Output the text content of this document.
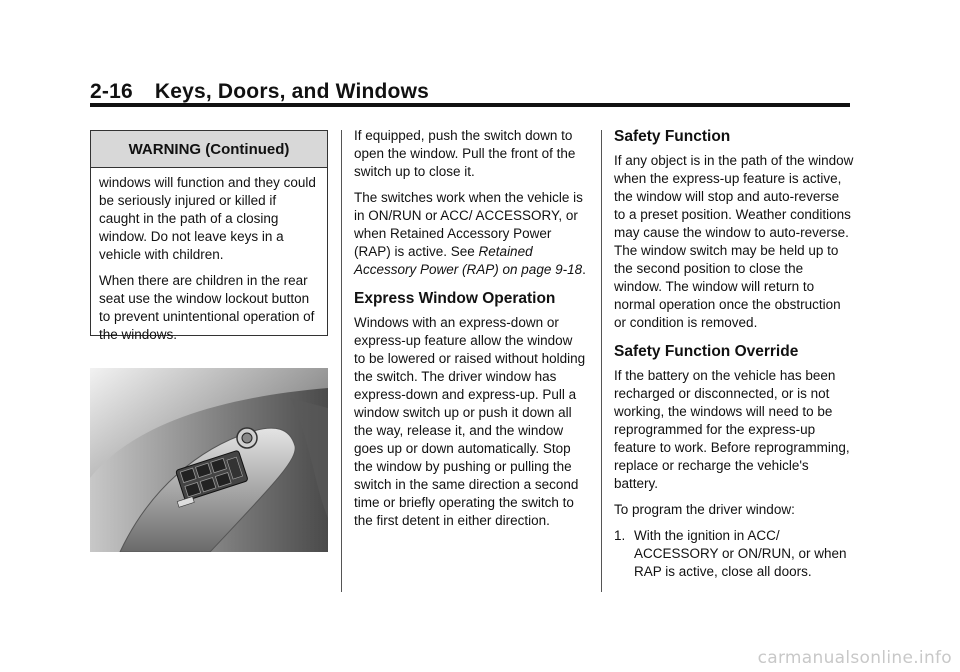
2-16 Keys, Doors, and Windows
WARNING (Continued)

windows will function and they could be seriously injured or killed if caught in the path of a closing window. Do not leave keys in a vehicle with children.

When there are children in the rear seat use the window lockout button to prevent unintentional operation of the windows.

If equipped, push the switch down to open the window. Pull the front of the switch up to close it.

The switches work when the vehicle is in ON/RUN or ACC/ ACCESSORY, or when Retained Accessory Power (RAP) is active. See Retained Accessory Power (RAP) on page 9-18.

Express Window Operation

Windows with an express-down or express-up feature allow the window to be lowered or raised without holding the switch. The driver window has express-down and express-up. Pull a window switch up or push it down all the way, release it, and the window goes up or down automatically. Stop the window by pushing or pulling the switch in the same direction a second time or briefly operating the switch to the first detent in either direction.

Safety Function

If any object is in the path of the window when the express-up feature is active, the window will stop and auto-reverse to a preset position. Weather conditions may cause the window to auto-reverse. The window switch may be held up to the second position to close the window. The window will return to normal operation once the obstruction or condition is removed.

Safety Function Override

If the battery on the vehicle has been recharged or disconnected, or is not working, the windows will need to be reprogrammed for the express-up feature to work. Before reprogramming, replace or recharge the vehicle's battery.

To program the driver window:

1. With the ignition in ACC/ ACCESSORY or ON/RUN, or when RAP is active, close all doors.
carmanualsonline.info
